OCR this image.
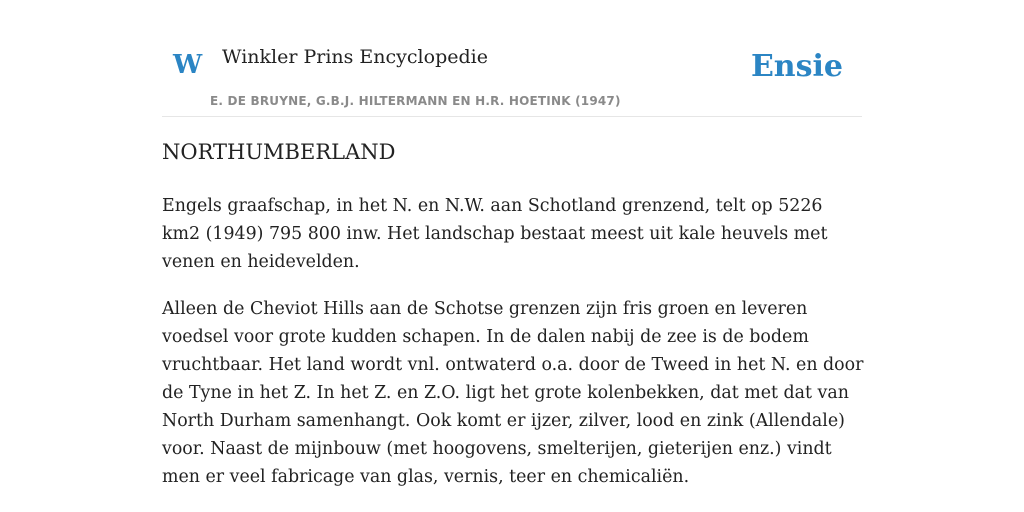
W Winkler Prins Encyclopedie	Ensie
E. DE BRUYNE, G.B.J. HILTERMANN EN H.R. HOETINK (1947)
NORTHUMBERLAND

Engels graafschap, in het N. en N.W. aan Schotland grenzend, telt op 5226 km2 (1949) 795 800 inw. Het landschap bestaat meest uit kale heuvels met venen en heidevelden.

Alleen de Cheviot Hills aan de Schotse grenzen zijn fris groen en leveren voedsel voor grote kudden schapen. In de dalen nabij de zee is de bodem vruchtbaar. Het land wordt vnl. ontwaterd o.a. door de Tweed in het N. en door de Tyne in het Z. In het Z. en Z.O. ligt het grote kolenbekken, dat met dat van North Durham samenhangt. Ook komt er ijzer, zilver, lood en zink (Allendale) voor. Naast de mijnbouw (met hoogovens, smelterijen, gieterijen enz.) vindt men er veel fabricage van glas, vernis, teer en chemicaliën.
